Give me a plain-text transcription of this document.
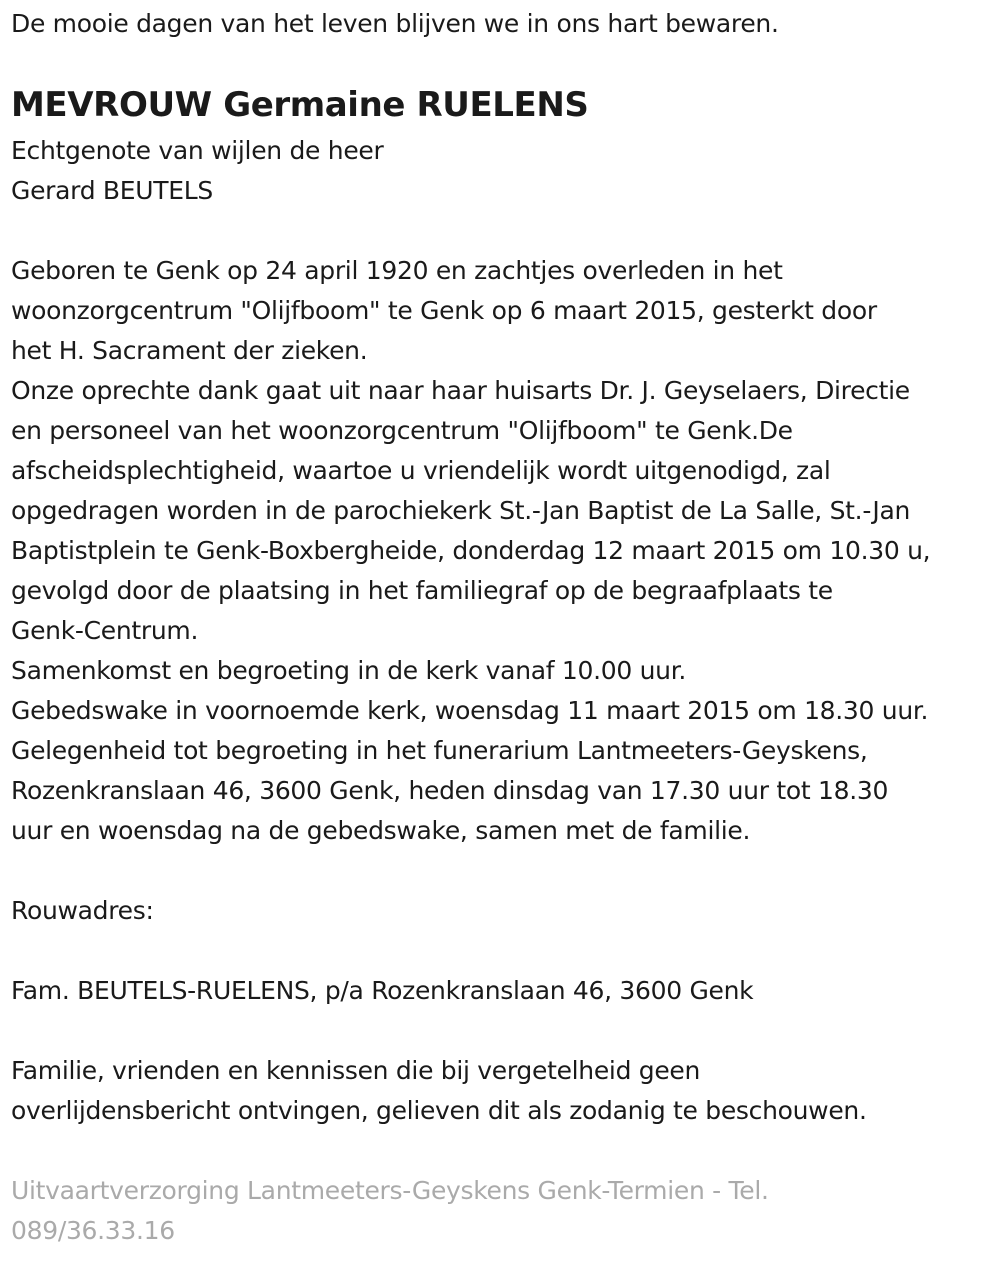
De mooie dagen van het leven blijven we in ons hart bewaren.
MEVROUW Germaine RUELENS
Echtgenote van wijlen de heer
Gerard BEUTELS
Geboren te Genk op 24 april 1920 en zachtjes overleden in het
woonzorgcentrum "Olijfboom" te Genk op 6 maart 2015, gesterkt door
het H. Sacrament der zieken.
Onze oprechte dank gaat uit naar haar huisarts Dr. J. Geyselaers, Directie
en personeel van het woonzorgcentrum "Olijfboom" te Genk.De
afscheidsplechtigheid, waartoe u vriendelijk wordt uitgenodigd, zal
opgedragen worden in de parochiekerk St.-Jan Baptist de La Salle, St.-Jan
Baptistplein te Genk-Boxbergheide, donderdag 12 maart 2015 om 10.30 u,
gevolgd door de plaatsing in het familiegraf op de begraafplaats te
Genk-Centrum.
Samenkomst en begroeting in de kerk vanaf 10.00 uur.
Gebedswake in voornoemde kerk, woensdag 11 maart 2015 om 18.30 uur.
Gelegenheid tot begroeting in het funerarium Lantmeeters-Geyskens,
Rozenkranslaan 46, 3600 Genk, heden dinsdag van 17.30 uur tot 18.30
uur en woensdag na de gebedswake, samen met de familie.
Rouwadres:
Fam. BEUTELS-RUELENS, p/a Rozenkranslaan 46, 3600 Genk
Familie, vrienden en kennissen die bij vergetelheid geen
overlijdensbericht ontvingen, gelieven dit als zodanig te beschouwen.
Uitvaartverzorging Lantmeeters-Geyskens Genk-Termien - Tel.
089/36.33.16
